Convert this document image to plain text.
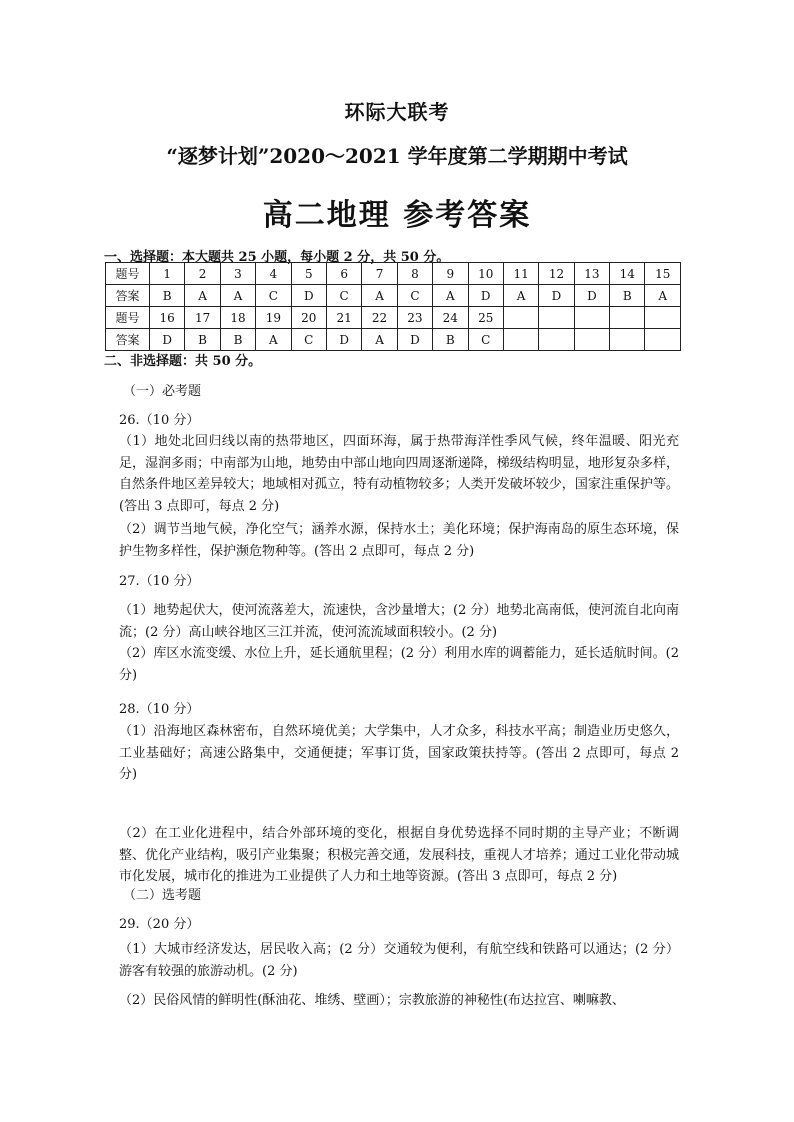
环际大联考
“逐梦计划”2020～2021 学年度第二学期期中考试
高二地理 参考答案
一、选择题：本大题共 25 小题，每小题 2 分，共 50 分。
题号	1	2	3	4	5	6	7	8	9	10	11	12	13	14	15
答案	B	A	A	C	D	C	A	C	A	D	A	D	D	B	A
题号	16	17	18	19	20	21	22	23	24	25					
答案	D	B	B	A	C	D	A	D	B	C					
二、非选择题：共 50 分。

（一）必考题

26.（10 分）

（1）地处北回归线以南的热带地区，四面环海，属于热带海洋性季风气候，终年温暖、阳光充足，湿润多雨；中南部为山地，地势由中部山地向四周逐渐递降，梯级结构明显，地形复杂多样，自然条件地区差异较大；地域相对孤立，特有动植物较多；人类开发破坏较少，国家注重保护等。(答出 3 点即可，每点 2 分)

（2）调节当地气候，净化空气；涵养水源，保持水土；美化环境；保护海南岛的原生态环境，保护生物多样性，保护濒危物种等。(答出 2 点即可，每点 2 分)

27.（10 分）

（1）地势起伏大，使河流落差大，流速快，含沙量增大；(2 分）地势北高南低，使河流自北向南流；(2 分）高山峡谷地区三江并流，使河流流域面积较小。(2 分)

（2）库区水流变缓、水位上升，延长通航里程；(2 分）利用水库的调蓄能力，延长适航时间。(2 分)

28.（10 分）

（1）沿海地区森林密布，自然环境优美；大学集中，人才众多，科技水平高；制造业历史悠久，工业基础好；高速公路集中，交通便捷；军事订货，国家政策扶持等。(答出 2 点即可，每点 2 分)

（2）在工业化进程中，结合外部环境的变化，根据自身优势选择不同时期的主导产业；不断调整、优化产业结构，吸引产业集聚；积极完善交通，发展科技，重视人才培养；通过工业化带动城市化发展，城市化的推进为工业提供了人力和土地等资源。(答出 3 点即可，每点 2 分)

（二）选考题

29.（20 分）

（1）大城市经济发达，居民收入高；(2 分）交通较为便利，有航空线和铁路可以通达；(2 分）游客有较强的旅游动机。(2 分)

（2）民俗风情的鲜明性(酥油花、堆绣、壁画）；宗教旅游的神秘性(布达拉宫、喇嘛教、
